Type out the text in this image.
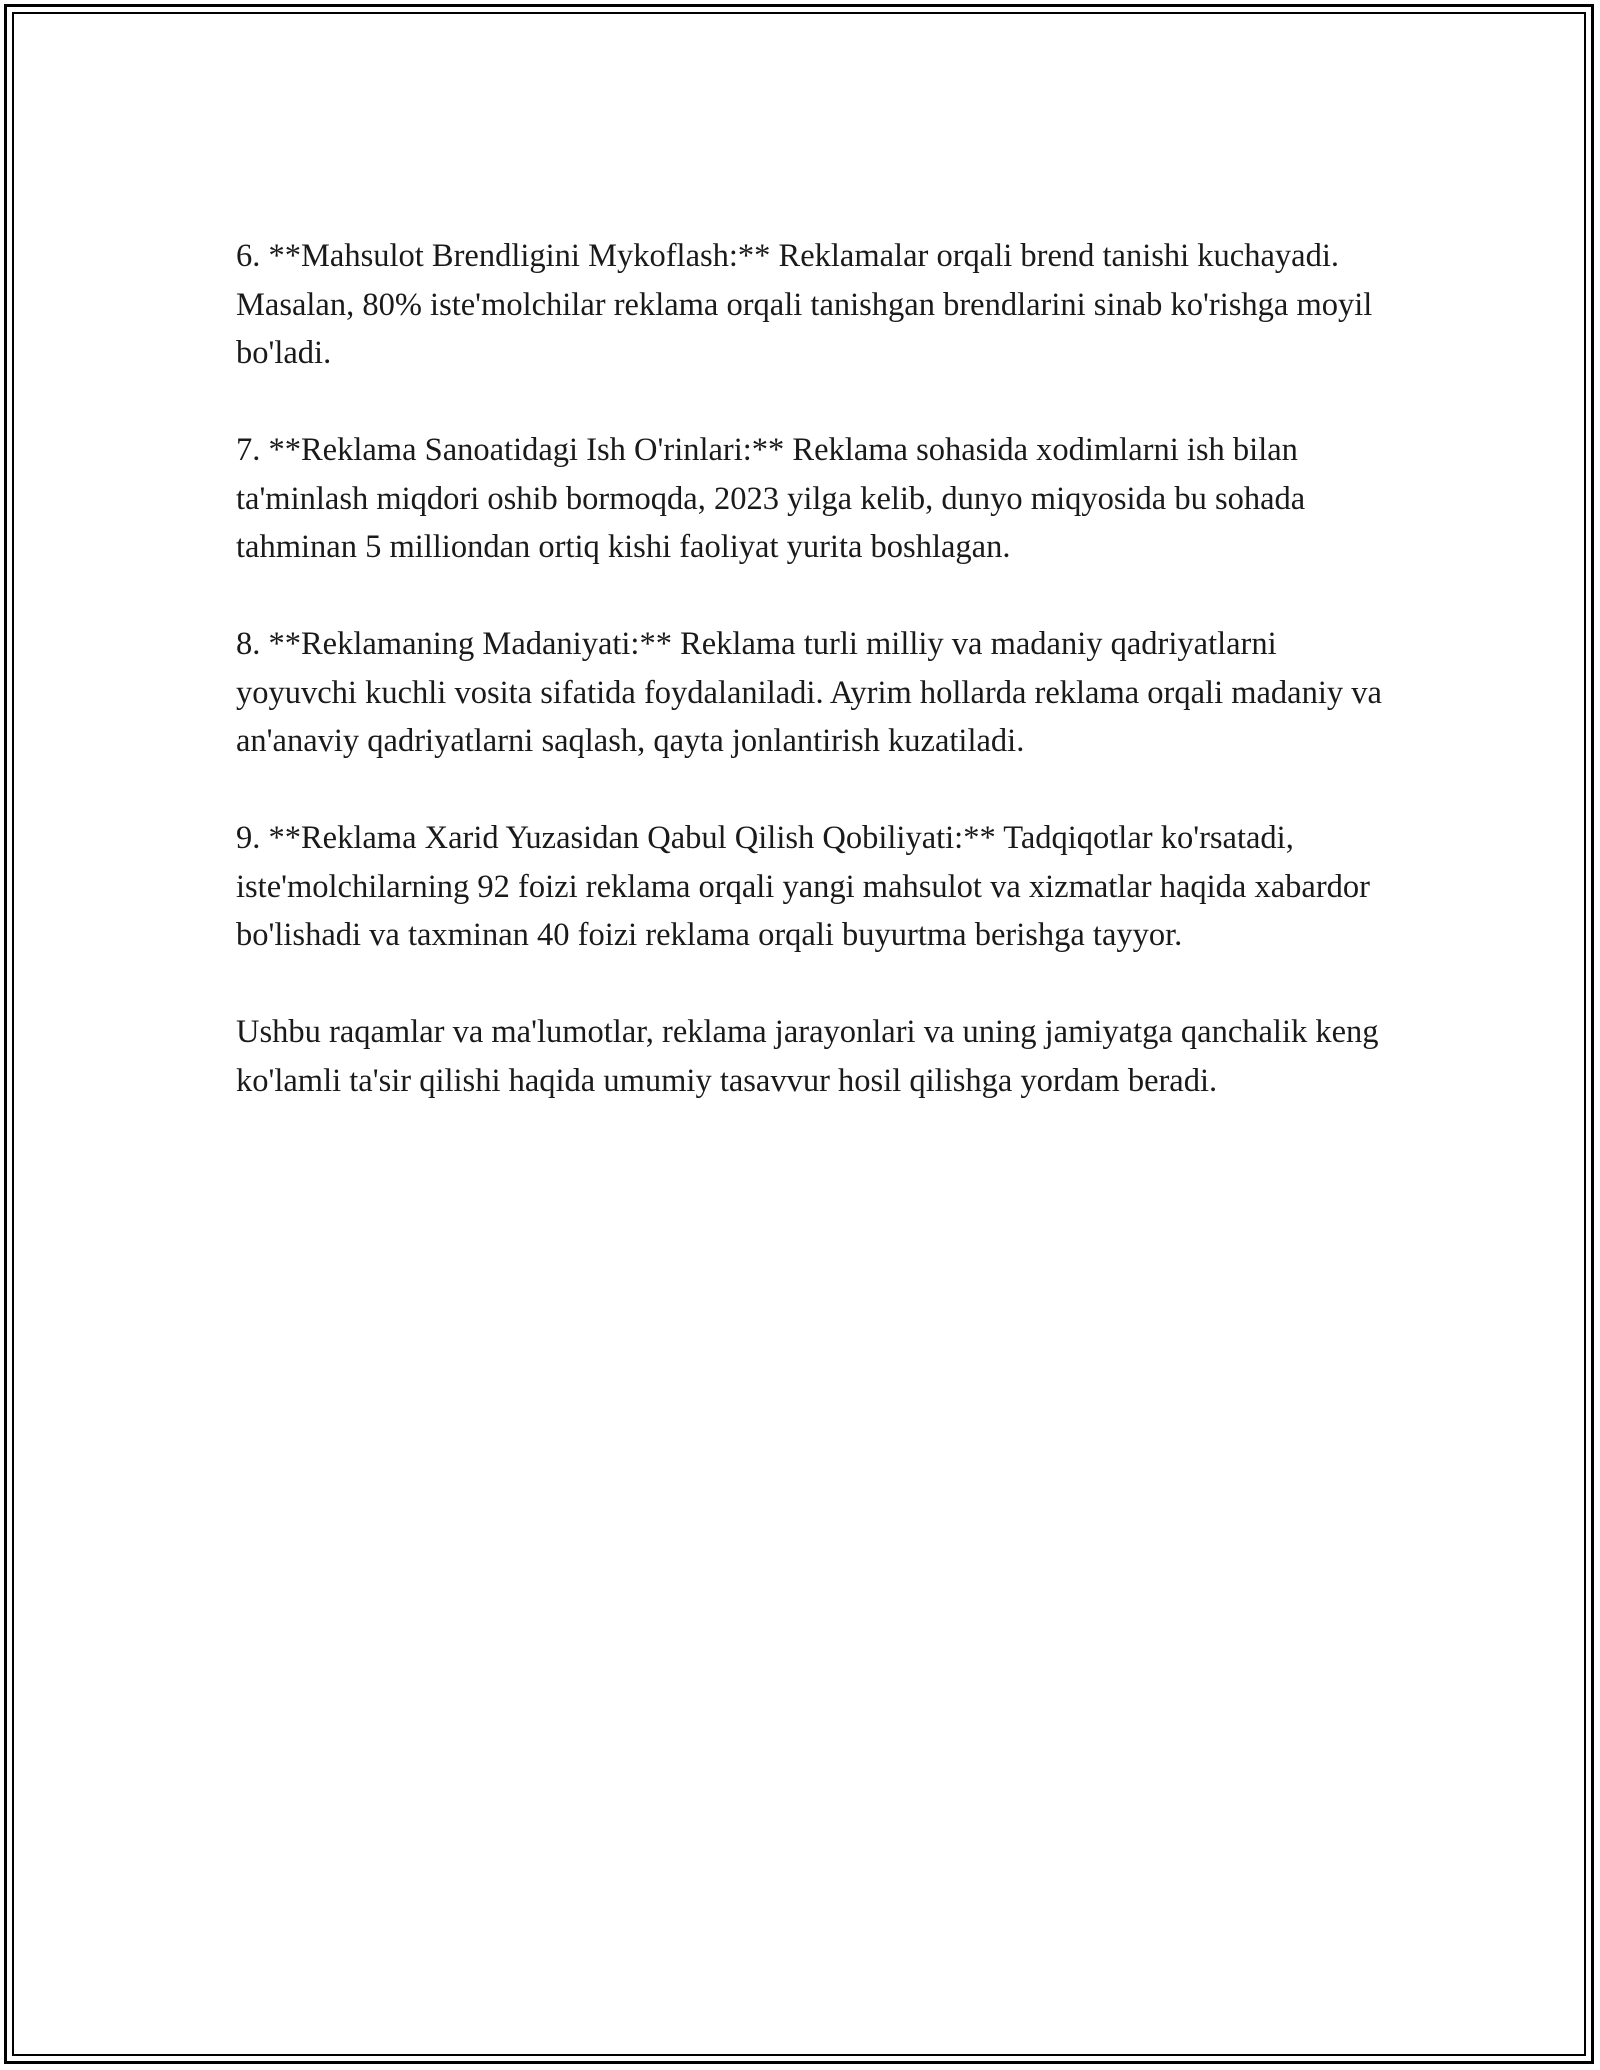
6. **Mahsulot Brendligini Mykoflash:** Reklamalar orqali brend tanishi kuchayadi. Masalan, 80% iste'molchilar reklama orqali tanishgan brendlarini sinab ko'rishga moyil bo'ladi.

7. **Reklama Sanoatidagi Ish O'rinlari:** Reklama sohasida xodimlarni ish bilan ta'minlash miqdori oshib bormoqda, 2023 yilga kelib, dunyo miqyosida bu sohada tahminan 5 milliondan ortiq kishi faoliyat yurita boshlagan.

8. **Reklamaning Madaniyati:** Reklama turli milliy va madaniy qadriyatlarni yoyuvchi kuchli vosita sifatida foydalaniladi. Ayrim hollarda reklama orqali madaniy va an'anaviy qadriyatlarni saqlash, qayta jonlantirish kuzatiladi.

9. **Reklama Xarid Yuzasidan Qabul Qilish Qobiliyati:** Tadqiqotlar ko'rsatadi, iste'molchilarning 92 foizi reklama orqali yangi mahsulot va xizmatlar haqida xabardor bo'lishadi va taxminan 40 foizi reklama orqali buyurtma berishga tayyor.

Ushbu raqamlar va ma'lumotlar, reklama jarayonlari va uning jamiyatga qanchalik keng ko'lamli ta'sir qilishi haqida umumiy tasavvur hosil qilishga yordam beradi.
